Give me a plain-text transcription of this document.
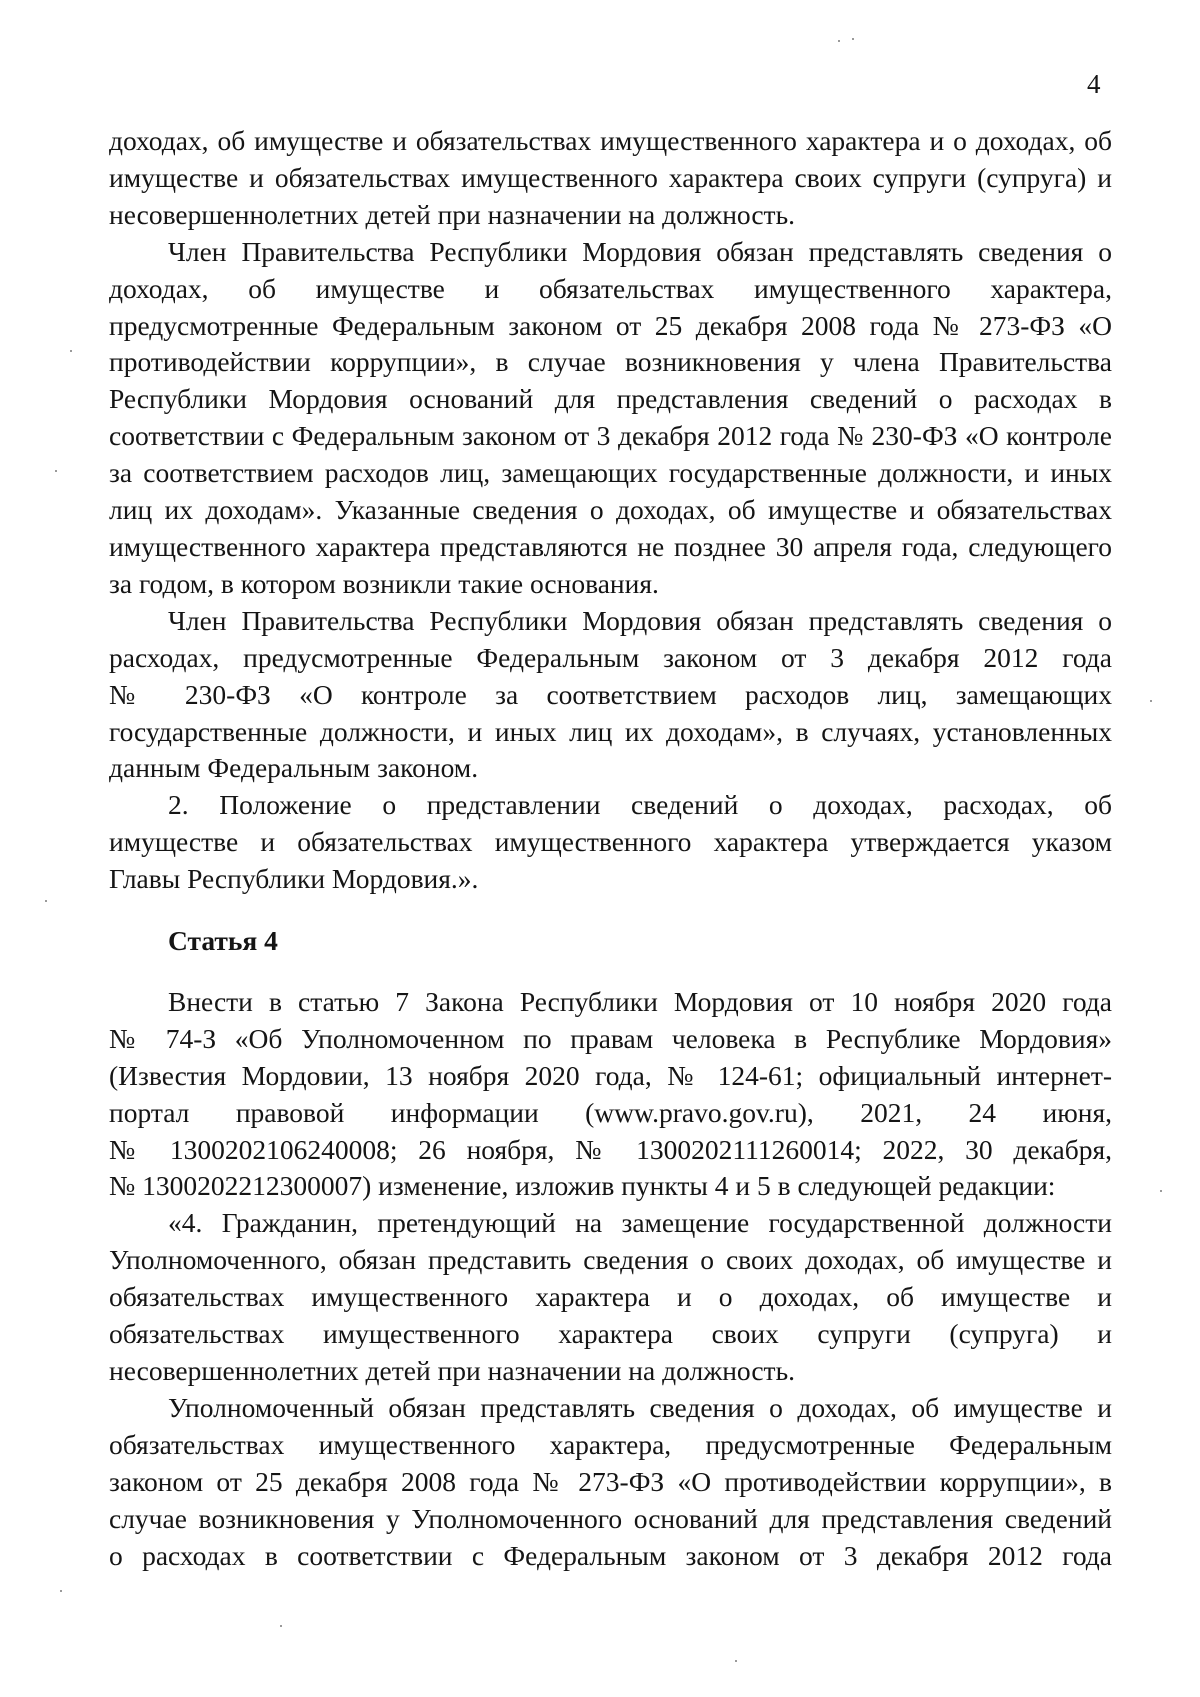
4

доходах, об имуществе и обязательствах имущественного характера и о доходах, об
имуществе и обязательствах имущественного характера своих супруги (супруга) и
несовершеннолетних детей при назначении на должность.

Член Правительства Республики Мордовия обязан представлять сведения о
доходах, об имуществе и обязательствах имущественного характера,
предусмотренные Федеральным законом от 25 декабря 2008 года № 273-ФЗ «О
противодействии коррупции», в случае возникновения у члена Правительства
Республики Мордовия оснований для представления сведений о расходах в
соответствии с Федеральным законом от 3 декабря 2012 года № 230-ФЗ «О контроле
за соответствием расходов лиц, замещающих государственные должности, и иных
лиц их доходам». Указанные сведения о доходах, об имуществе и обязательствах
имущественного характера представляются не позднее 30 апреля года, следующего
за годом, в котором возникли такие основания.

Член Правительства Республики Мордовия обязан представлять сведения о
расходах, предусмотренные Федеральным законом от 3 декабря 2012 года
№ 230-ФЗ «О контроле за соответствием расходов лиц, замещающих
государственные должности, и иных лиц их доходам», в случаях, установленных
данным Федеральным законом.

2. Положение о представлении сведений о доходах, расходах, об
имуществе и обязательствах имущественного характера утверждается указом
Главы Республики Мордовия.».

Статья 4

Внести в статью 7 Закона Республики Мордовия от 10 ноября 2020 года
№ 74-З «Об Уполномоченном по правам человека в Республике Мордовия»
(Известия Мордовии, 13 ноября 2020 года, № 124-61; официальный интернет-
портал правовой информации (www.pravo.gov.ru), 2021, 24 июня,
№ 1300202106240008; 26 ноября, № 1300202111260014; 2022, 30 декабря,
№ 1300202212300007) изменение, изложив пункты 4 и 5 в следующей редакции:

«4. Гражданин, претендующий на замещение государственной должности
Уполномоченного, обязан представить сведения о своих доходах, об имуществе и
обязательствах имущественного характера и о доходах, об имуществе и
обязательствах имущественного характера своих супруги (супруга) и
несовершеннолетних детей при назначении на должность.

Уполномоченный обязан представлять сведения о доходах, об имуществе и
обязательствах имущественного характера, предусмотренные Федеральным
законом от 25 декабря 2008 года № 273-ФЗ «О противодействии коррупции», в
случае возникновения у Уполномоченного оснований для представления сведений
о расходах в соответствии с Федеральным законом от 3 декабря 2012 года
